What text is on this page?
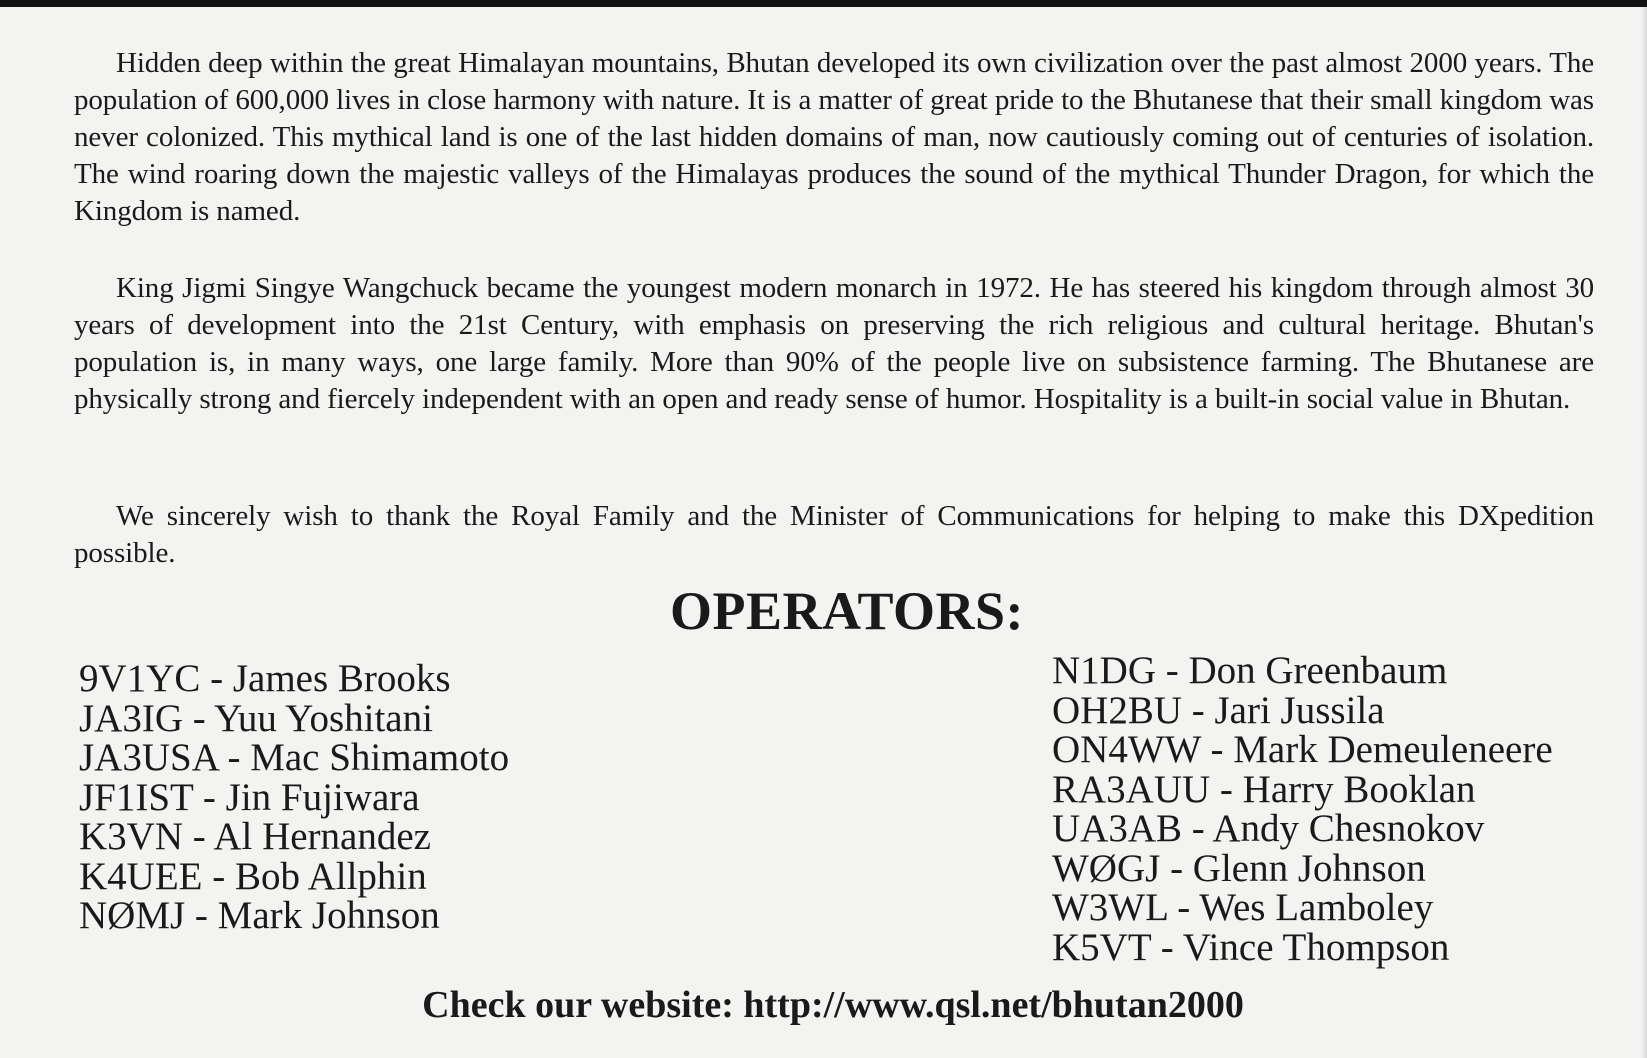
Hidden deep within the great Himalayan mountains, Bhutan developed its own civilization over the past almost 2000 years. The population of 600,000 lives in close harmony with nature. It is a matter of great pride to the Bhutanese that their small kingdom was never colonized. This mythical land is one of the last hidden domains of man, now cautiously coming out of centuries of isolation. The wind roaring down the majestic valleys of the Himalayas produces the sound of the mythical Thunder Dragon, for which the Kingdom is named.

King Jigmi Singye Wangchuck became the youngest modern monarch in 1972. He has steered his kingdom through almost 30 years of development into the 21st Century, with emphasis on preserving the rich religious and cultural heritage. Bhutan's population is, in many ways, one large family. More than 90% of the people live on subsistence farming. The Bhutanese are physically strong and fiercely independent with an open and ready sense of humor. Hospitality is a built-in social value in Bhutan.

We sincerely wish to thank the Royal Family and the Minister of Communications for helping to make this DXpedition possible.

OPERATORS:
9V1YC - James Brooks
JA3IG - Yuu Yoshitani
JA3USA - Mac Shimamoto
JF1IST - Jin Fujiwara
K3VN - Al Hernandez
K4UEE - Bob Allphin
NØMJ - Mark Johnson
N1DG - Don Greenbaum
OH2BU - Jari Jussila
ON4WW - Mark Demeuleneere
RA3AUU - Harry Booklan
UA3AB - Andy Chesnokov
WØGJ - Glenn Johnson
W3WL - Wes Lamboley
K5VT - Vince Thompson

Check our website: http://www.qsl.net/bhutan2000
